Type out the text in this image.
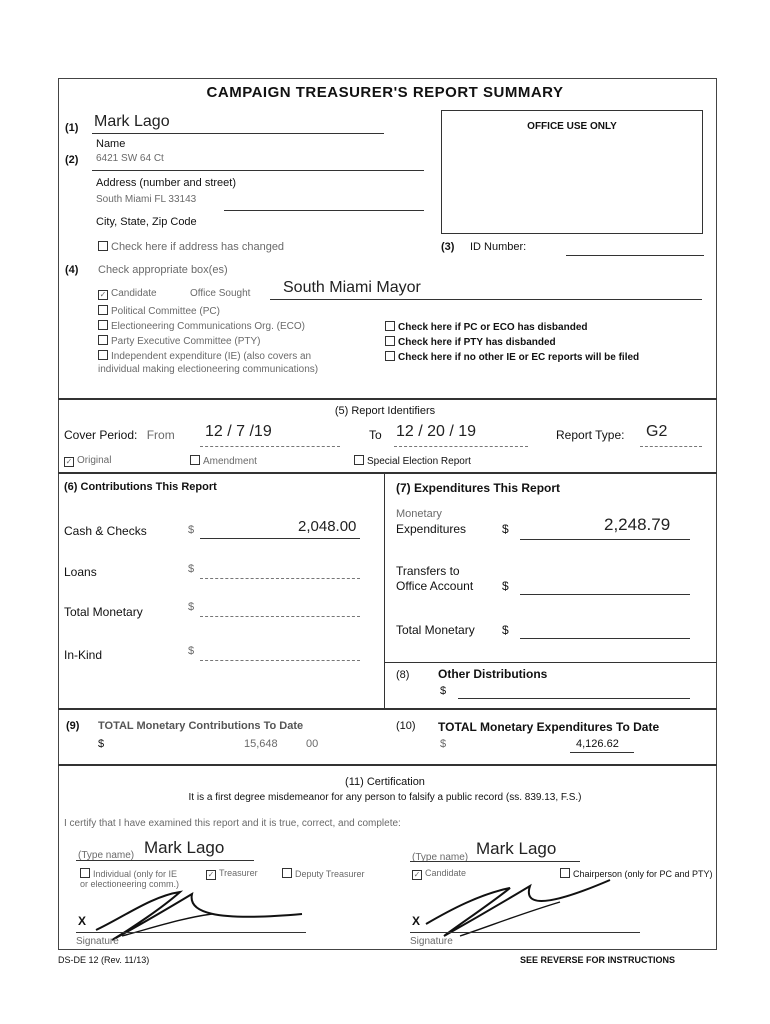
CAMPAIGN TREASURER'S REPORT SUMMARY
(1) Mark Lago
Name
(2) 6421 SW 64 Ct
Address (number and street)
South Miami FL 33143
City, State, Zip Code
Check here if address has changed
OFFICE USE ONLY
(3) ID Number:
(4) Check appropriate box(es)
✓ Candidate	Office Sought South Miami Mayor
Political Committee (PC)
Electioneering Communications Org. (ECO)
Party Executive Committee (PTY)
Independent expenditure (IE) (also covers an
individual making electioneering communications)
Check here if PC or ECO has disbanded
Check here if PTY has disbanded
Check here if no other IE or EC reports will be filed
(5) Report Identifiers
Cover Period: From 12 / 7 /19	To 12 / 20 / 19	Report Type: G2
✓ Original	Amendment	Special Election Report
(6) Contributions This Report
Cash & Checks	$	2,048.00
Loans	$
Total Monetary	$
In-Kind	$
(7) Expenditures This Report
Monetary
Expenditures	$	2,248.79
Transfers to
Office Account $
Total Monetary $
(8) Other Distributions
$
(9) TOTAL Monetary Contributions To Date
$	15,648	00
(10) TOTAL Monetary Expenditures To Date
$	4,126.62
(11) Certification
It is a first degree misdemeanor for any person to falsify a public record (ss. 839.13, F.S.)
I certify that I have examined this report and it is true, correct, and complete:
(Type name) Mark Lago
Individual (only for IE
or electioneering comm.)
✓ Treasurer	Deputy Treasurer
X
Signature
(Type name) Mark Lago
✓ Candidate	Chairperson (only for PC and PTY)
X
Signature
DS-DE 12 (Rev. 11/13)	SEE REVERSE FOR INSTRUCTIONS
